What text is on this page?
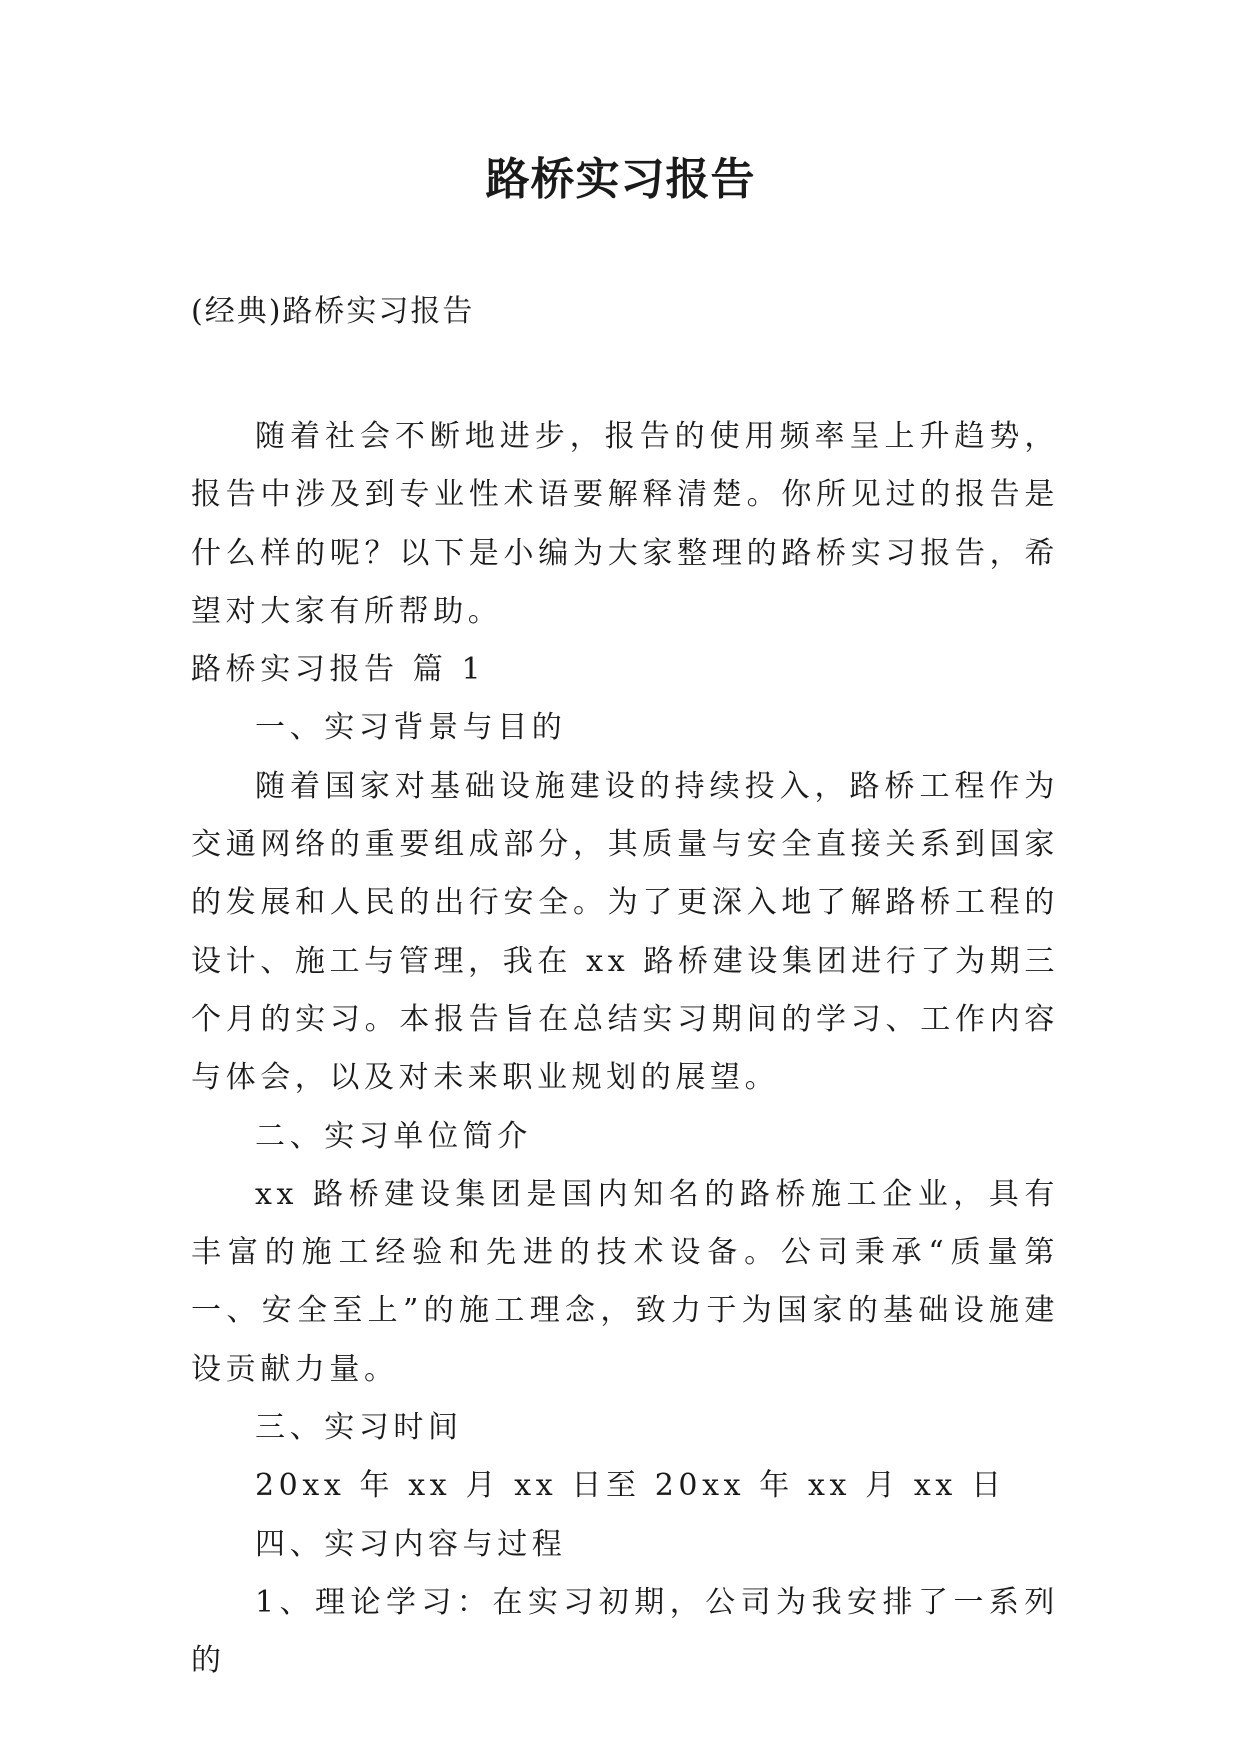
路桥实习报告
(经典)路桥实习报告

随着社会不断地进步，报告的使用频率呈上升趋势，报告中涉及到专业性术语要解释清楚。你所见过的报告是什么样的呢？以下是小编为大家整理的路桥实习报告，希望对大家有所帮助。

路桥实习报告 篇 1

一、实习背景与目的

随着国家对基础设施建设的持续投入，路桥工程作为交通网络的重要组成部分，其质量与安全直接关系到国家的发展和人民的出行安全。为了更深入地了解路桥工程的设计、施工与管理，我在 xx 路桥建设集团进行了为期三个月的实习。本报告旨在总结实习期间的学习、工作内容与体会，以及对未来职业规划的展望。

二、实习单位简介

xx 路桥建设集团是国内知名的路桥施工企业，具有丰富的施工经验和先进的技术设备。公司秉承“质量第一、安全至上”的施工理念，致力于为国家的基础设施建设贡献力量。

三、实习时间

20xx 年 xx 月 xx 日至 20xx 年 xx 月 xx 日

四、实习内容与过程

1、理论学习：在实习初期，公司为我安排了一系列的
